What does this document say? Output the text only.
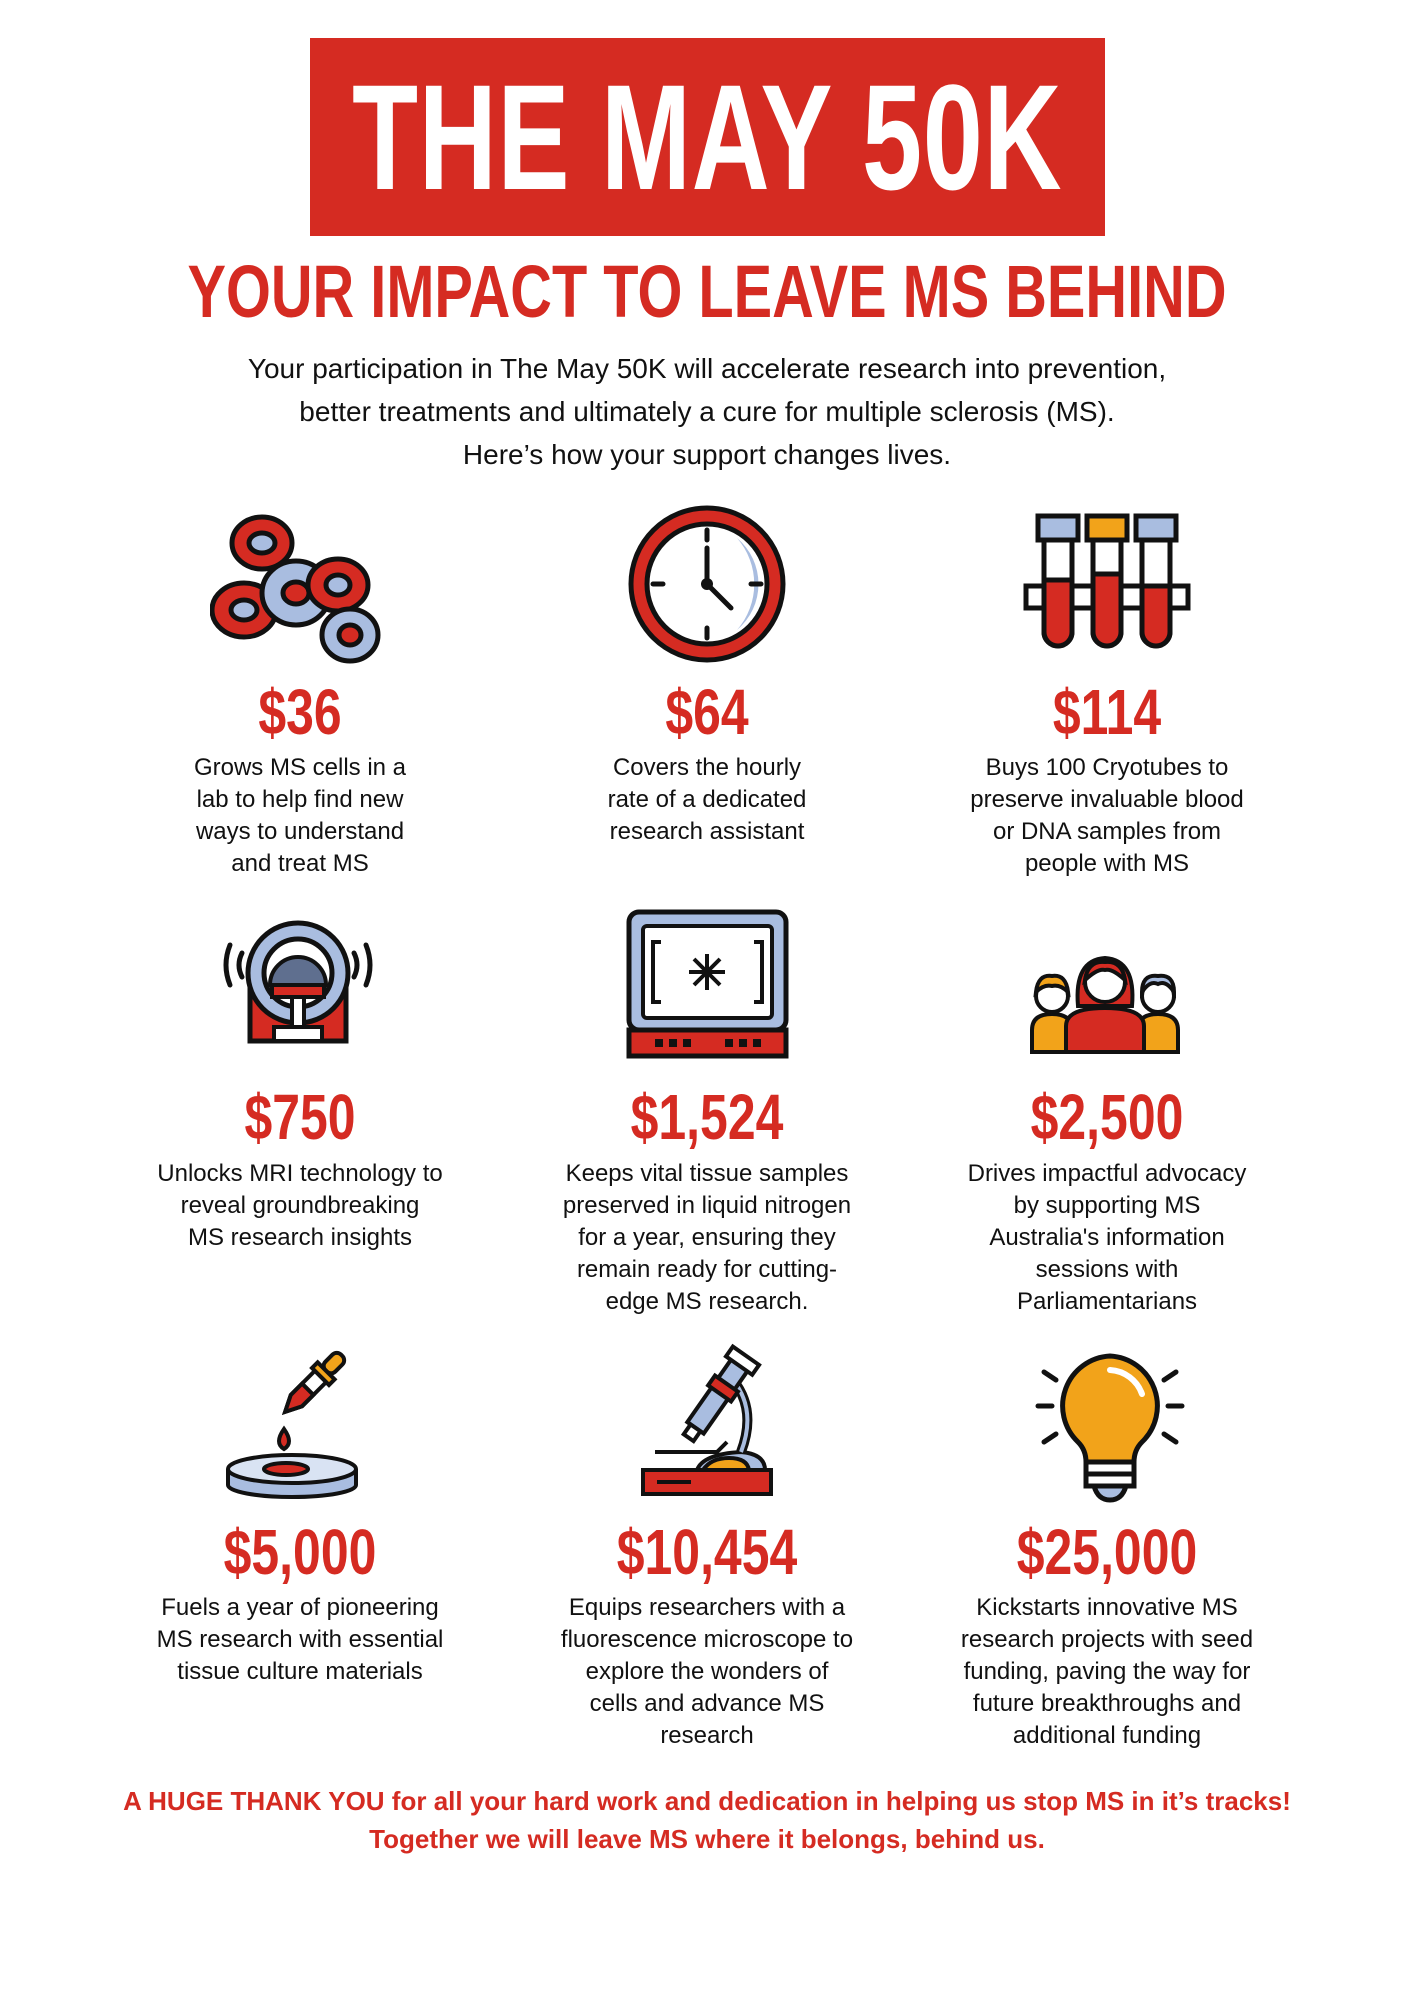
THE MAY 50K
YOUR IMPACT TO LEAVE MS BEHIND
Your participation in The May 50K will accelerate research into prevention,
better treatments and ultimately a cure for multiple sclerosis (MS).
Here’s how your support changes lives.
$36
Grows MS cells in a
lab to help find new
ways to understand
and treat MS
$64
Covers the hourly
rate of a dedicated
research assistant
$114
Buys 100 Cryotubes to
preserve invaluable blood
or DNA samples from
people with MS
$750
Unlocks MRI technology to
reveal groundbreaking
MS research insights
$1,524
Keeps vital tissue samples
preserved in liquid nitrogen
for a year, ensuring they
remain ready for cutting-
edge MS research.
$2,500
Drives impactful advocacy
by supporting MS
Australia's information
sessions with
Parliamentarians
$5,000
Fuels a year of pioneering
MS research with essential
tissue culture materials
$10,454
Equips researchers with a
fluorescence microscope to
explore the wonders of
cells and advance MS
research
$25,000
Kickstarts innovative MS
research projects with seed
funding, paving the way for
future breakthroughs and
additional funding
A HUGE THANK YOU for all your hard work and dedication in helping us stop MS in it’s tracks!
Together we will leave MS where it belongs, behind us.
